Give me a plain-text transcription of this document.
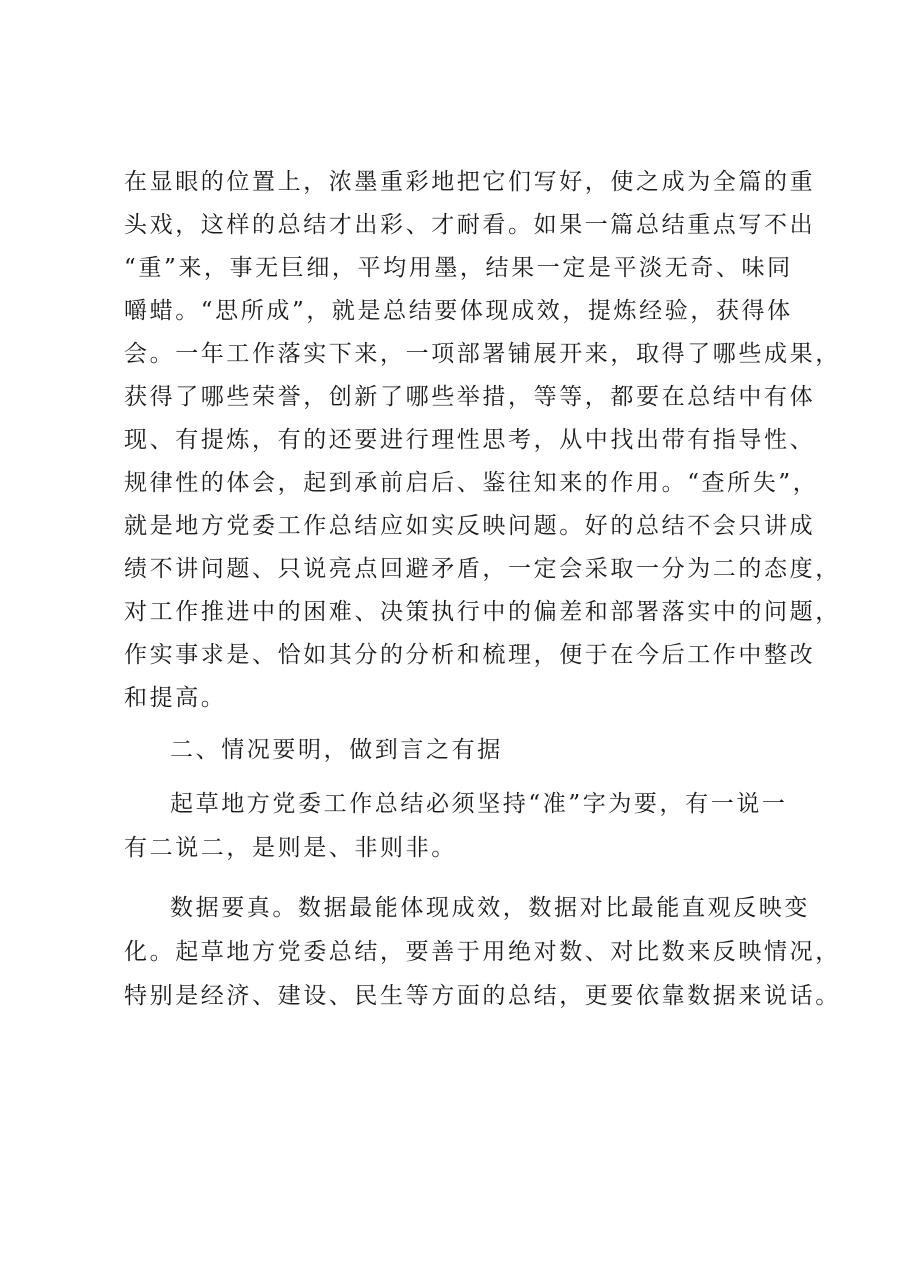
在显眼的位置上，浓墨重彩地把它们写好，使之成为全篇的重
头戏，这样的总结才出彩、才耐看。如果一篇总结重点写不出
“重”来，事无巨细，平均用墨，结果一定是平淡无奇、味同
嚼蜡。“思所成”，就是总结要体现成效，提炼经验，获得体
会。一年工作落实下来，一项部署铺展开来，取得了哪些成果，
获得了哪些荣誉，创新了哪些举措，等等，都要在总结中有体
现、有提炼，有的还要进行理性思考，从中找出带有指导性、
规律性的体会，起到承前启后、鉴往知来的作用。“查所失”，
就是地方党委工作总结应如实反映问题。好的总结不会只讲成
绩不讲问题、只说亮点回避矛盾，一定会采取一分为二的态度，
对工作推进中的困难、决策执行中的偏差和部署落实中的问题，
作实事求是、恰如其分的分析和梳理，便于在今后工作中整改
和提高。
二、情况要明，做到言之有据
起草地方党委工作总结必须坚持“准”字为要，有一说一
有二说二，是则是、非则非。
数据要真。数据最能体现成效，数据对比最能直观反映变
化。起草地方党委总结，要善于用绝对数、对比数来反映情况，
特别是经济、建设、民生等方面的总结，更要依靠数据来说话。
